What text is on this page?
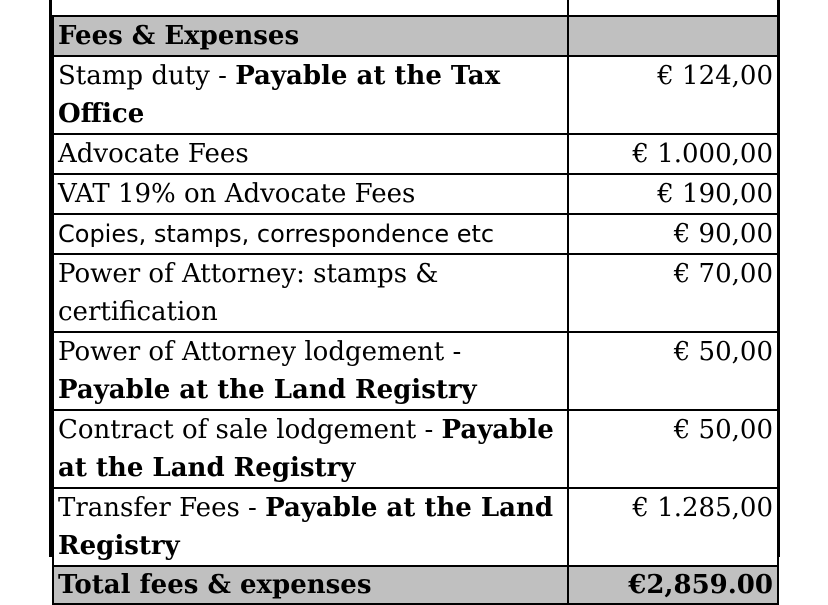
Fees & Expenses	
Stamp duty - Payable at the Tax Office	€ 124,00
Advocate Fees	€ 1.000,00
VAT 19% on Advocate Fees	€ 190,00
Copies, stamps, correspondence etc	€ 90,00
Power of Attorney: stamps & certification	€ 70,00
Power of Attorney lodgement - Payable at the Land Registry	€ 50,00
Contract of sale lodgement - Payable at the Land Registry	€ 50,00
Transfer Fees - Payable at the Land Registry	€ 1.285,00
Total fees & expenses	€2,859.00
